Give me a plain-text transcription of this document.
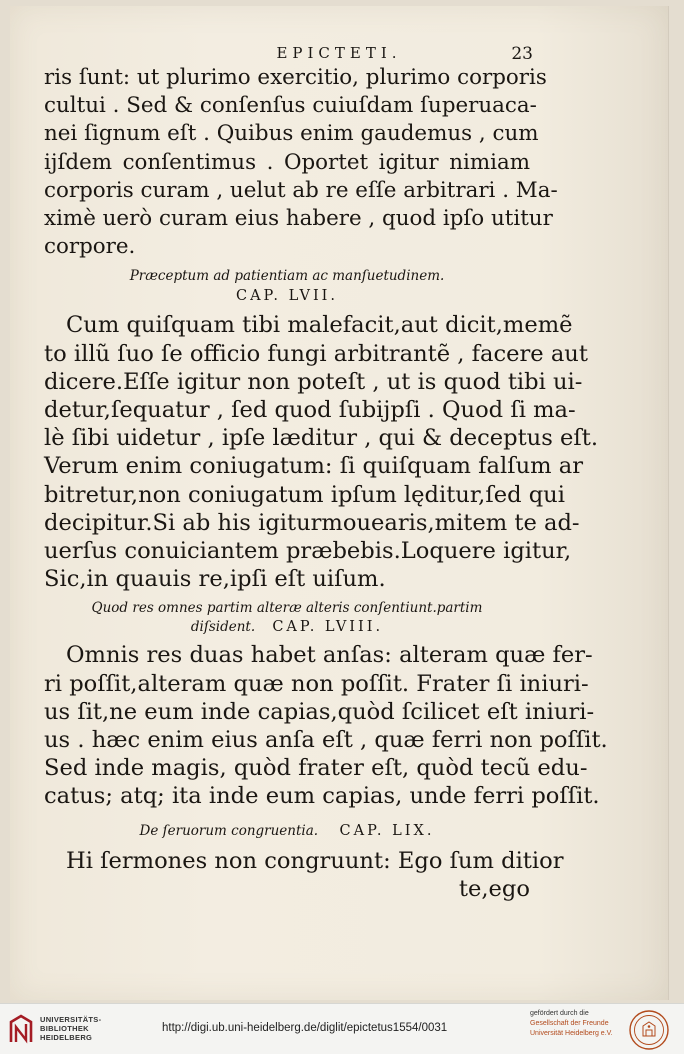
EPICTETI.	23
ris ſunt: ut plurimo exercitio, plurimo corporis
cultui . Sed & conſenſus cuiuſdam ſuperuaca-
nei ſignum eſt . Quibus enim gaudemus , cum
ijſdem conſentimus . Oportet igitur nimiam
corporis curam , uelut ab re eſſe arbitrari . Ma-
ximè uerò curam eius habere , quod ipſo utitur
corpore.
Præceptum ad patientiam ac manſuetudinem.
CAP. LVII.
Cum quiſquam tibi malefacit,aut dicit,memẽ
to illũ ſuo ſe officio fungi arbitrantẽ , facere aut
dicere.Eſſe igitur non poteſt , ut is quod tibi ui-
detur,ſequatur , ſed quod ſubijpſi . Quod ſi ma-
lè ſibi uidetur , ipſe læditur , qui & deceptus eſt.
Verum enim coniugatum: ſi quiſquam falſum ar
bitretur,non coniugatum ipſum lęditur,ſed qui
decipitur.Si ab his igiturmouearis,mitem te ad-
uerſus conuiciantem præbebis.Loquere igitur,
Sic,in quauis re,ipſi eſt uiſum.
Quod res omnes partim alteræ alteris conſentiunt.partim
diſsident. CAP. LVIII.
Omnis res duas habet anſas: alteram quæ fer-
ri poſſit,alteram quæ non poſſit. Frater ſi iniuri-
us ſit,ne eum inde capias,quòd ſcilicet eſt iniuri-
us . hæc enim eius anſa eſt , quæ ferri non poſſit.
Sed inde magis, quòd frater eſt, quòd tecũ edu-
catus; atq; ita inde eum capias, unde ferri poſſit.
De ſeruorum congruentia. CAP. LIX.
Hi ſermones non congruunt: Ego ſum ditior
te,ego
UNIVERSITÄTS-
BIBLIOTHEK
HEIDELBERG
http://digi.ub.uni-heidelberg.de/diglit/epictetus1554/0031
gefördert durch die
Gesellschaft der Freunde
Universität Heidelberg e.V.
